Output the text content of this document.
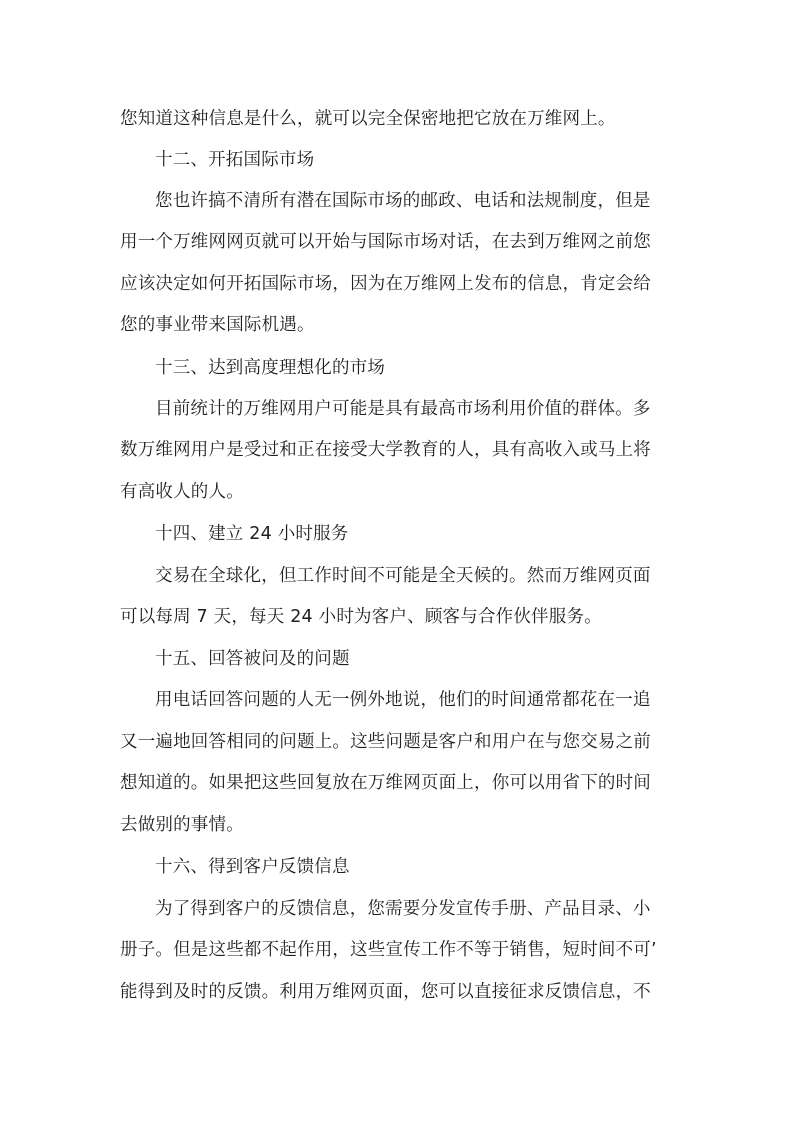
您知道这种信息是什么，就可以完全保密地把它放在万维网上。
十二、开拓国际市场
您也许搞不清所有潜在国际市场的邮政、电话和法规制度，但是
用一个万维网网页就可以开始与国际市场对话，在去到万维网之前您
应该决定如何开拓国际市场，因为在万维网上发布的信息，肯定会给
您的事业带来国际机遇。
十三、达到高度理想化的市场
目前统计的万维网用户可能是具有最高市场利用价值的群体。多
数万维网用户是受过和正在接受大学教育的人，具有高收入或马上将
有高收人的人。
十四、建立 24 小时服务
交易在全球化，但工作时间不可能是全天候的。然而万维网页面
可以每周 7 天，每天 24 小时为客户、顾客与合作伙伴服务。
十五、回答被问及的问题
用电话回答问题的人无一例外地说，他们的时间通常都花在一追
又一遍地回答相同的问题上。这些问题是客户和用户在与您交易之前
想知道的。如果把这些回复放在万维网页面上，你可以用省下的时间
去做别的事情。
十六、得到客户反馈信息
为了得到客户的反馈信息，您需要分发宣传手册、产品目录、小
册子。但是这些都不起作用，这些宣传工作不等于销售，短时间不可’
能得到及时的反馈。利用万维网页面，您可以直接征求反馈信息，不
